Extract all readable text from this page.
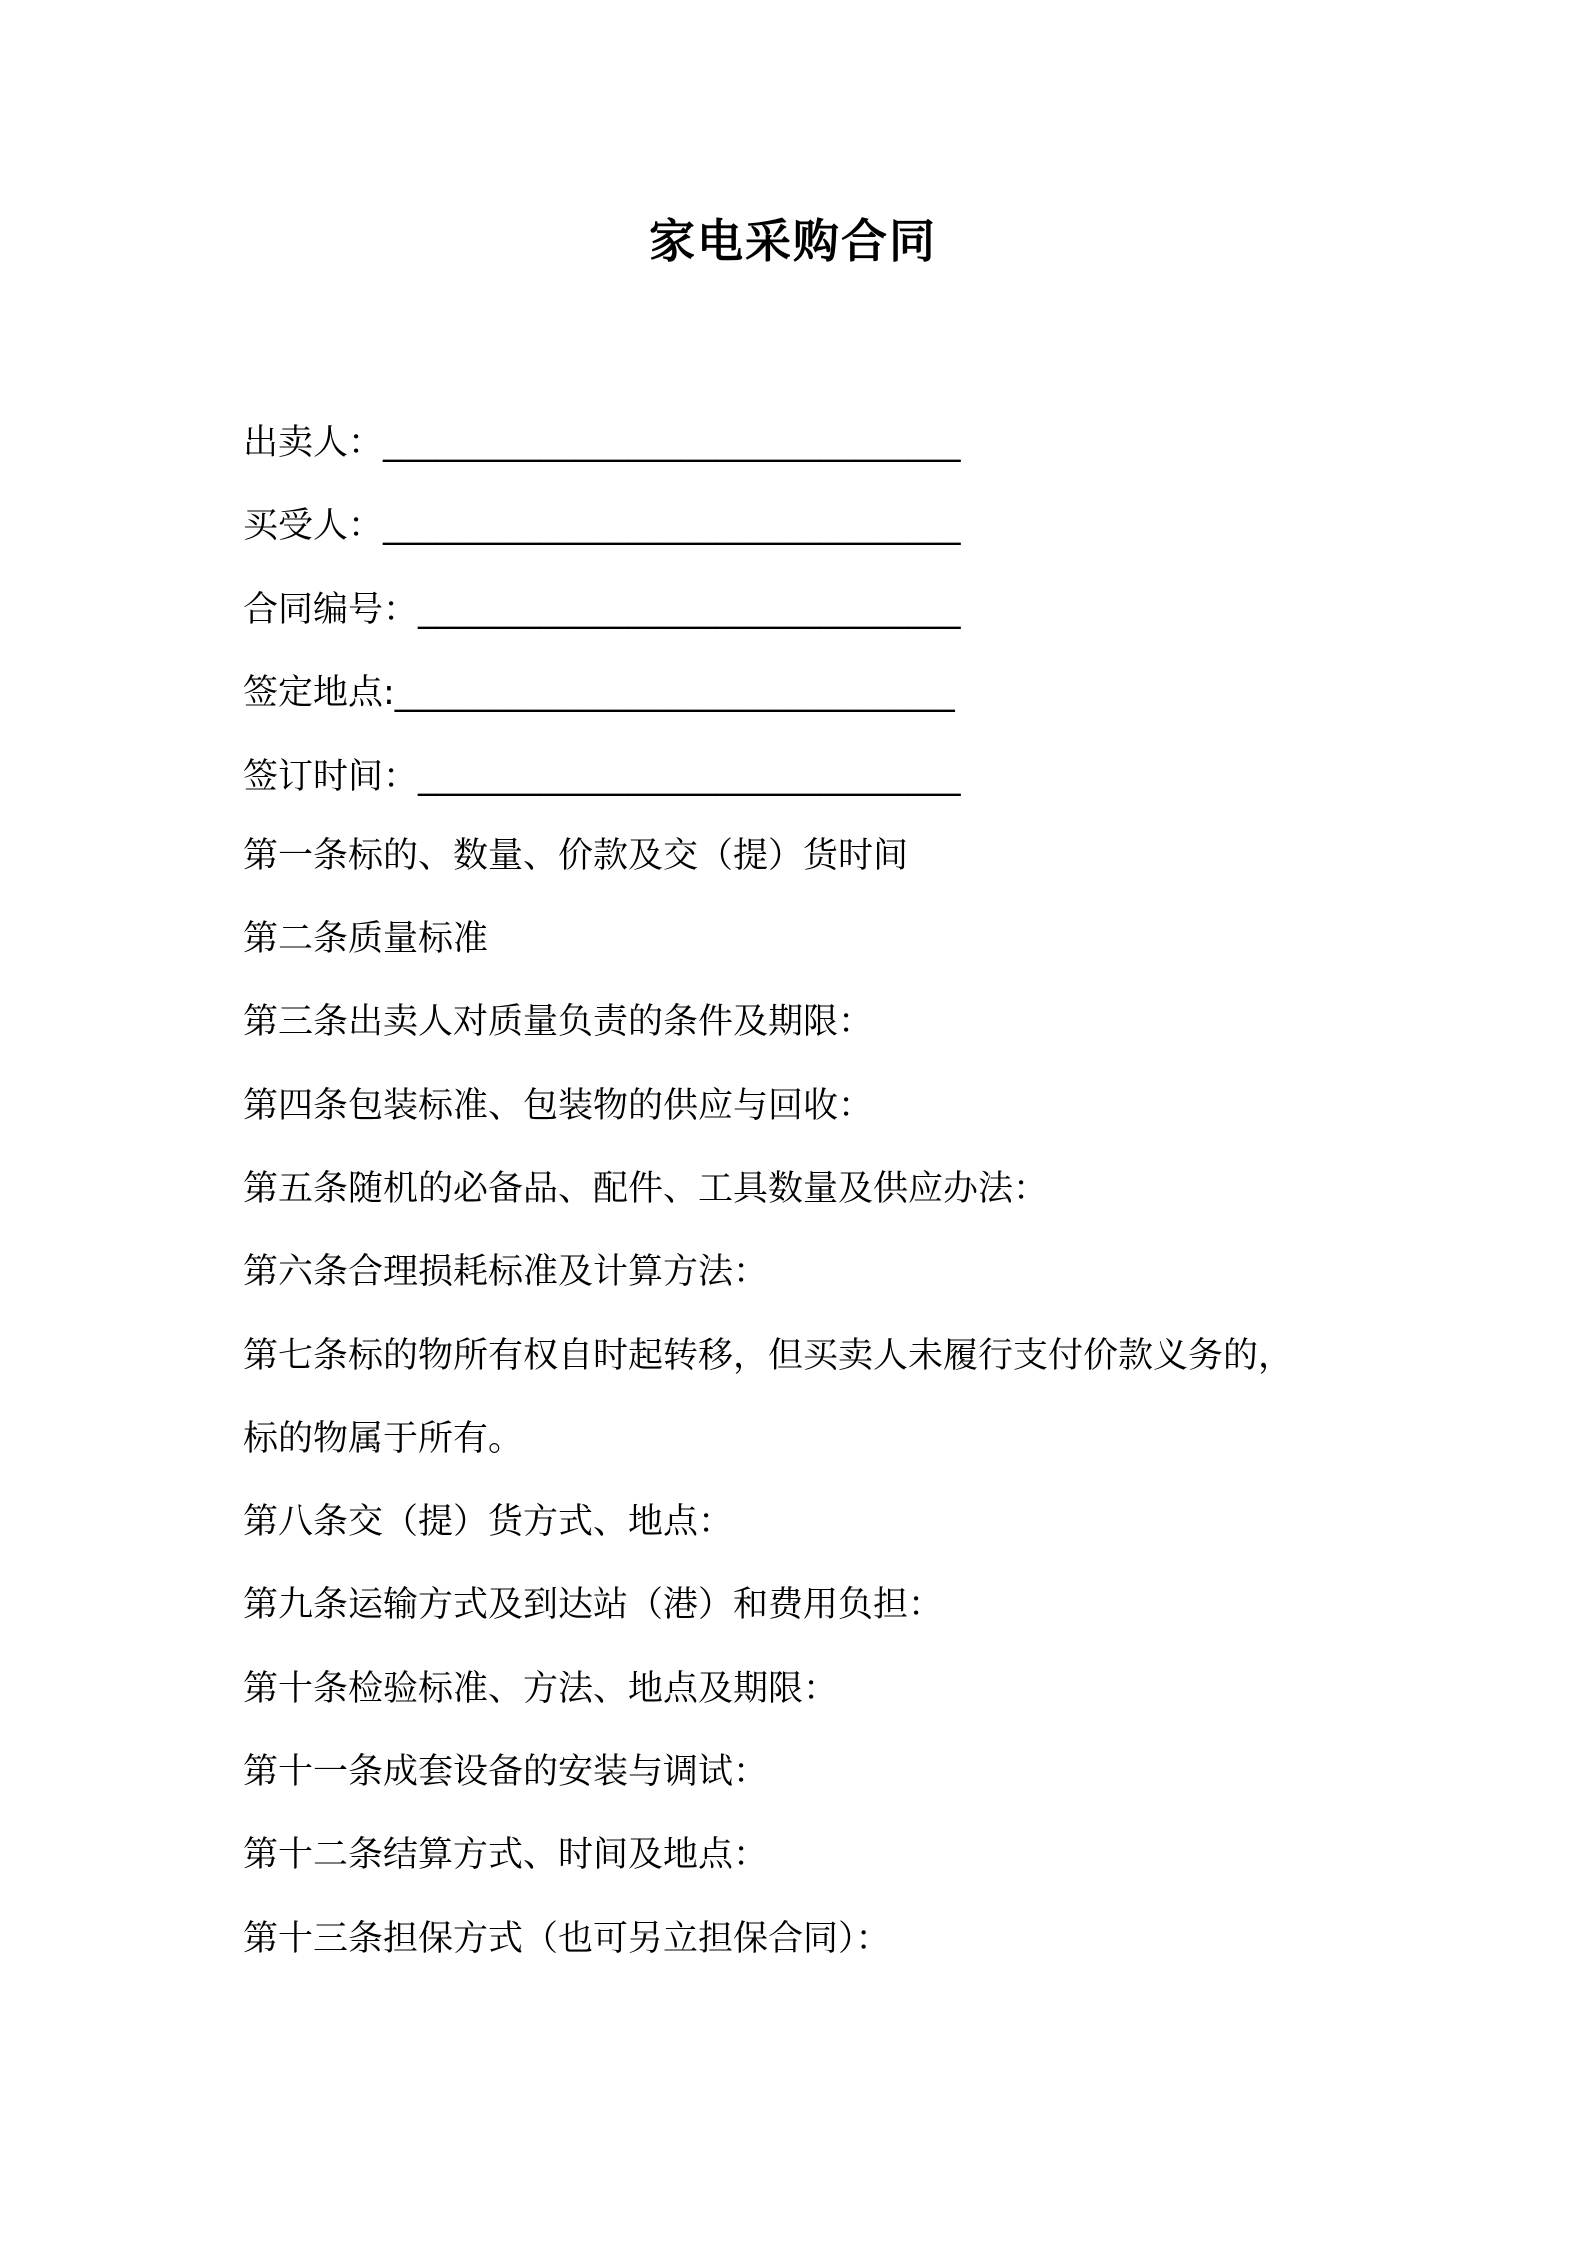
家电采购合同
出卖人：_________________________________
买受人：_________________________________
合同编号：_______________________________
签定地点:________________________________
签订时间：_______________________________
第一条标的、数量、价款及交（提）货时间
第二条质量标准
第三条出卖人对质量负责的条件及期限：
第四条包装标准、包装物的供应与回收：
第五条随机的必备品、配件、工具数量及供应办法：
第六条合理损耗标准及计算方法：
第七条标的物所有权自时起转移，但买卖人未履行支付价款义务的，
标的物属于所有。
第八条交（提）货方式、地点：
第九条运输方式及到达站（港）和费用负担：
第十条检验标准、方法、地点及期限：
第十一条成套设备的安装与调试：
第十二条结算方式、时间及地点：
第十三条担保方式（也可另立担保合同）：
